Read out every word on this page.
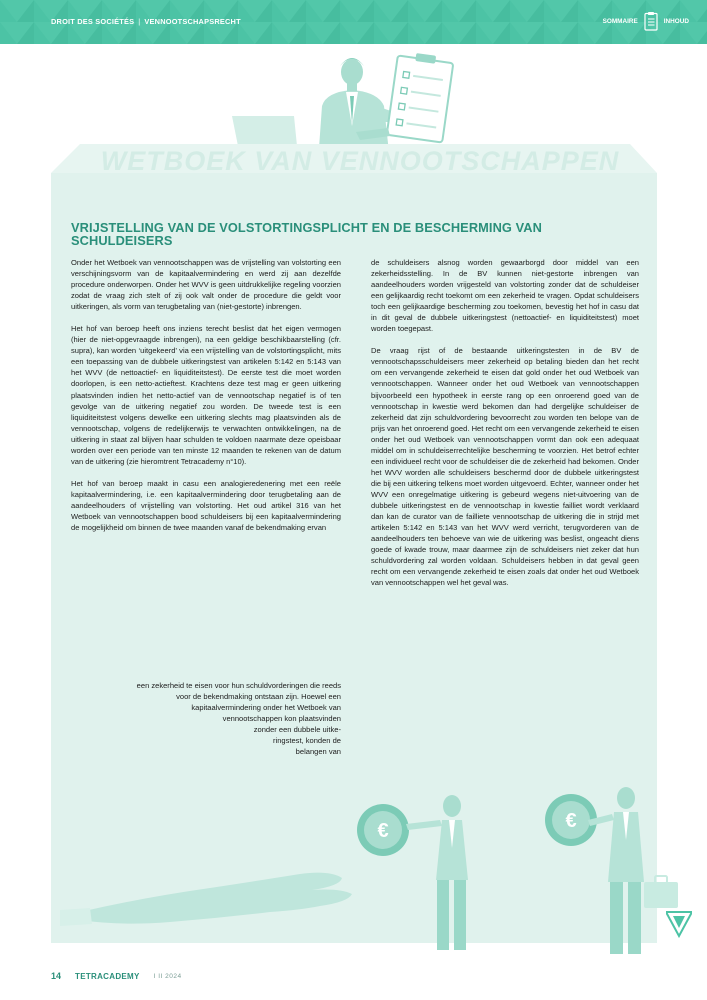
DROIT DES SOCIÉTÉS | VENNOOTSCHAPSRECHT	SOMMAIRE	INHOUD
WETBOEK VAN VENNOOTSCHAPPEN
VRIJSTELLING VAN DE VOLSTORTINGSPLICHT EN DE BESCHERMING VAN SCHULDEISERS

Onder het Wetboek van vennootschappen was de vrijstelling van volstorting een verschijningsvorm van de kapitaalvermindering en werd zij aan dezelfde procedure onderworpen. Onder het WVV is geen uitdrukkelijke regeling voorzien zodat de vraag zich stelt of zij ook valt onder de procedure die geldt voor uitkeringen, als vorm van terugbetaling van (niet-gestorte) inbrengen.

Het hof van beroep heeft ons inziens terecht beslist dat het eigen vermogen (hier de niet-opgevraagde inbrengen), na een geldige beschikbaarstelling (cfr. supra), kan worden ‘uitgekeerd’ via een vrijstelling van de volstortingsplicht, mits een toepassing van de dubbele uitkeringstest van artikelen 5:142 en 5:143 van het WVV (de nettoactief- en liquiditeitstest). De eerste test die moet worden doorlopen, is een netto-actieftest. Krachtens deze test mag er geen uitkering plaatsvinden indien het netto-actief van de vennootschap negatief is of ten gevolge van de uitkering negatief zou worden. De tweede test is een liquiditeitstest volgens dewelke een uitkering slechts mag plaatsvinden als de vennootschap, volgens de redelijkerwijs te verwachten ontwikkelingen, na de uitkering in staat zal blijven haar schulden te voldoen naarmate deze opeisbaar worden over een periode van ten minste 12 maanden te rekenen van de datum van de uitkering (zie hieromtrent Tetracademy n°10).

Het hof van beroep maakt in casu een analogieredenering met een reële kapitaalvermindering, i.e. een kapitaalvermindering door terugbetaling aan de aandeelhouders of vrijstelling van volstorting. Het oud artikel 316 van het Wetboek van vennootschappen bood schuldeisers bij een kapitaalvermindering de mogelijkheid om binnen de twee maanden vanaf de bekendmaking ervan

een zekerheid te eisen voor hun schuldvorderingen die reeds
voor de bekendmaking ontstaan zijn. Hoewel een
kapitaalvermindering onder het Wetboek van
vennootschappen kon plaatsvinden
zonder een dubbele uitke-
ringstest, konden de
belangen van

de schuldeisers alsnog worden gewaarborgd door middel van een zekerheidsstelling. In de BV kunnen niet-gestorte inbrengen van aandeelhouders worden vrijgesteld van volstorting zonder dat de schuldeiser een gelijkaardig recht toekomt om een zekerheid te vragen. Opdat schuldeisers toch een gelijkaardige bescherming zou toekomen, bevestig het hof in casu dat in dit geval de dubbele uitkeringstest (nettoactief- en liquiditeitstest) moet worden toegepast.

De vraag rijst of de bestaande uitkeringstesten in de BV de vennootschapsschuldeisers meer zekerheid op betaling bieden dan het recht om een vervangende zekerheid te eisen dat gold onder het oud Wetboek van vennootschappen. Wanneer onder het oud Wetboek van vennootschappen bijvoorbeeld een hypotheek in eerste rang op een onroerend goed van de vennootschap in kwestie werd bekomen dan had dergelijke schuldeiser de zekerheid dat zijn schuldvordering bevoorrecht zou worden ten belope van de prijs van het onroerend goed. Het recht om een vervangende zekerheid te eisen onder het oud Wetboek van vennootschappen vormt dan ook een adequaat middel om in schuldeiserrechtelijke bescherming te voorzien. Het betrof echter een individueel recht voor de schuldeiser die de zekerheid had bekomen. Onder het WVV worden alle schuldeisers beschermd door de dubbele uitkeringstest die bij een uitkering telkens moet worden uitgevoerd. Echter, wanneer onder het WVV een onregelmatige uitkering is gebeurd wegens niet-uitvoering van de dubbele uitkeringstest en de vennootschap in kwestie failliet wordt verklaard dan kan de curator van de failliete vennootschap de uitkering die in strijd met artikelen 5:142 en 5:143 van het WVV werd verricht, terugvorderen van de aandeelhouders ten behoeve van wie de uitkering was beslist, ongeacht diens goede of kwade trouw, maar daarmee zijn de schuldeisers niet zeker dat hun schuldvordering zal worden voldaan. Schuldeisers hebben in dat geval geen recht om een vervangende zekerheid te eisen zoals dat onder het oud Wetboek van vennootschappen wel het geval was.

€	€
14 TETRACADEMY I II 2024
